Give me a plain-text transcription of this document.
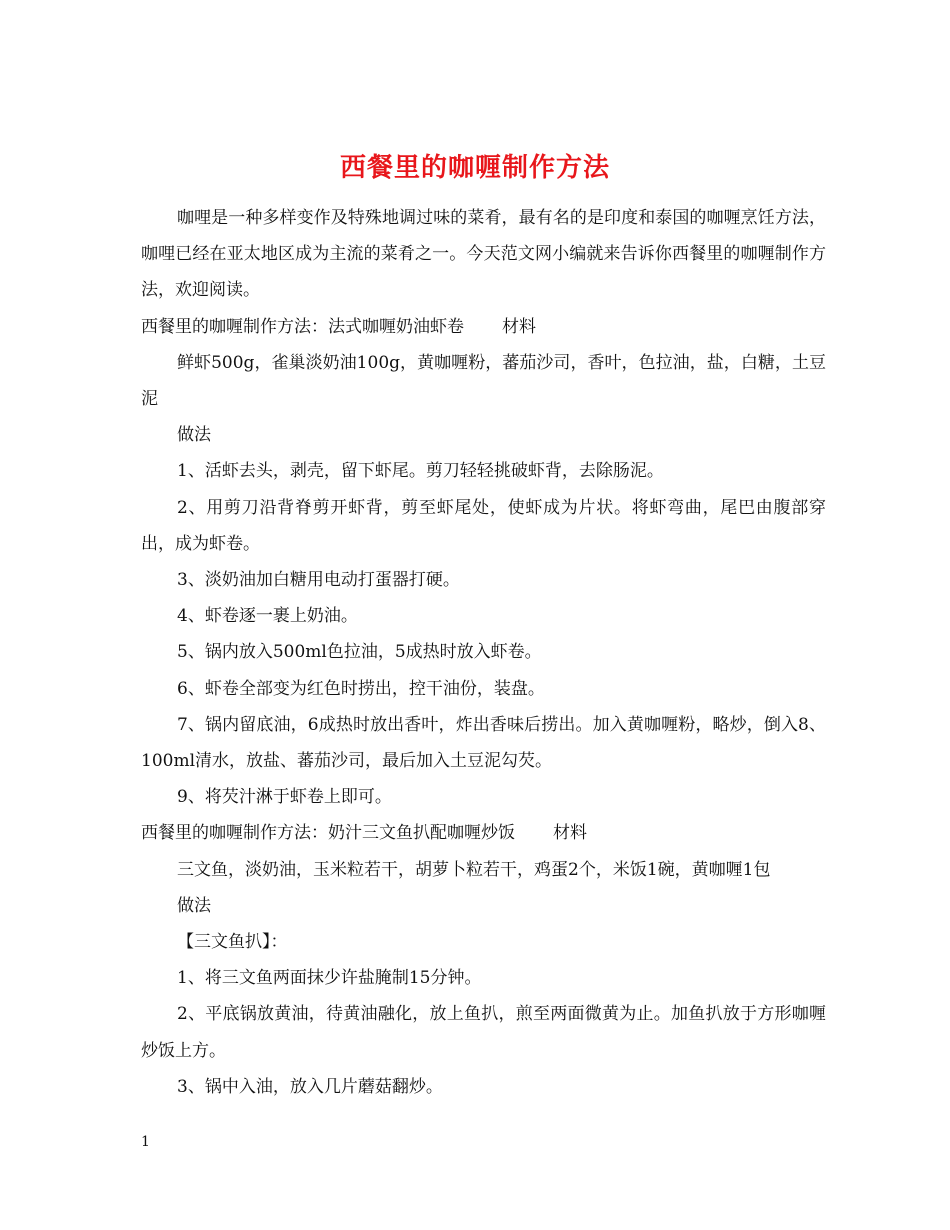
西餐里的咖喱制作方法

咖哩是一种多样变作及特殊地调过味的菜肴，最有名的是印度和泰国的咖喱烹饪方法，咖哩已经在亚太地区成为主流的菜肴之一。今天范文网小编就来告诉你西餐里的咖喱制作方法，欢迎阅读。

西餐里的咖喱制作方法：法式咖喱奶油虾卷 材料

鲜虾500g，雀巢淡奶油100g，黄咖喱粉，蕃茄沙司，香叶，色拉油，盐，白糖，土豆泥

做法

1、活虾去头，剥壳，留下虾尾。剪刀轻轻挑破虾背，去除肠泥。

2、用剪刀沿背脊剪开虾背，剪至虾尾处，使虾成为片状。将虾弯曲，尾巴由腹部穿出，成为虾卷。

3、淡奶油加白糖用电动打蛋器打硬。

4、虾卷逐一裹上奶油。

5、锅内放入500ml色拉油，5成热时放入虾卷。

6、虾卷全部变为红色时捞出，控干油份，装盘。

7、锅内留底油，6成热时放出香叶，炸出香味后捞出。加入黄咖喱粉，略炒，倒入8、100ml清水，放盐、蕃茄沙司，最后加入土豆泥勾芡。

9、将芡汁淋于虾卷上即可。

西餐里的咖喱制作方法：奶汁三文鱼扒配咖喱炒饭 材料

三文鱼，淡奶油，玉米粒若干，胡萝卜粒若干，鸡蛋2个，米饭1碗，黄咖喱1包

做法

【三文鱼扒】：

1、将三文鱼两面抹少许盐腌制15分钟。

2、平底锅放黄油，待黄油融化，放上鱼扒，煎至两面微黄为止。加鱼扒放于方形咖喱炒饭上方。

3、锅中入油，放入几片蘑菇翻炒。

1
